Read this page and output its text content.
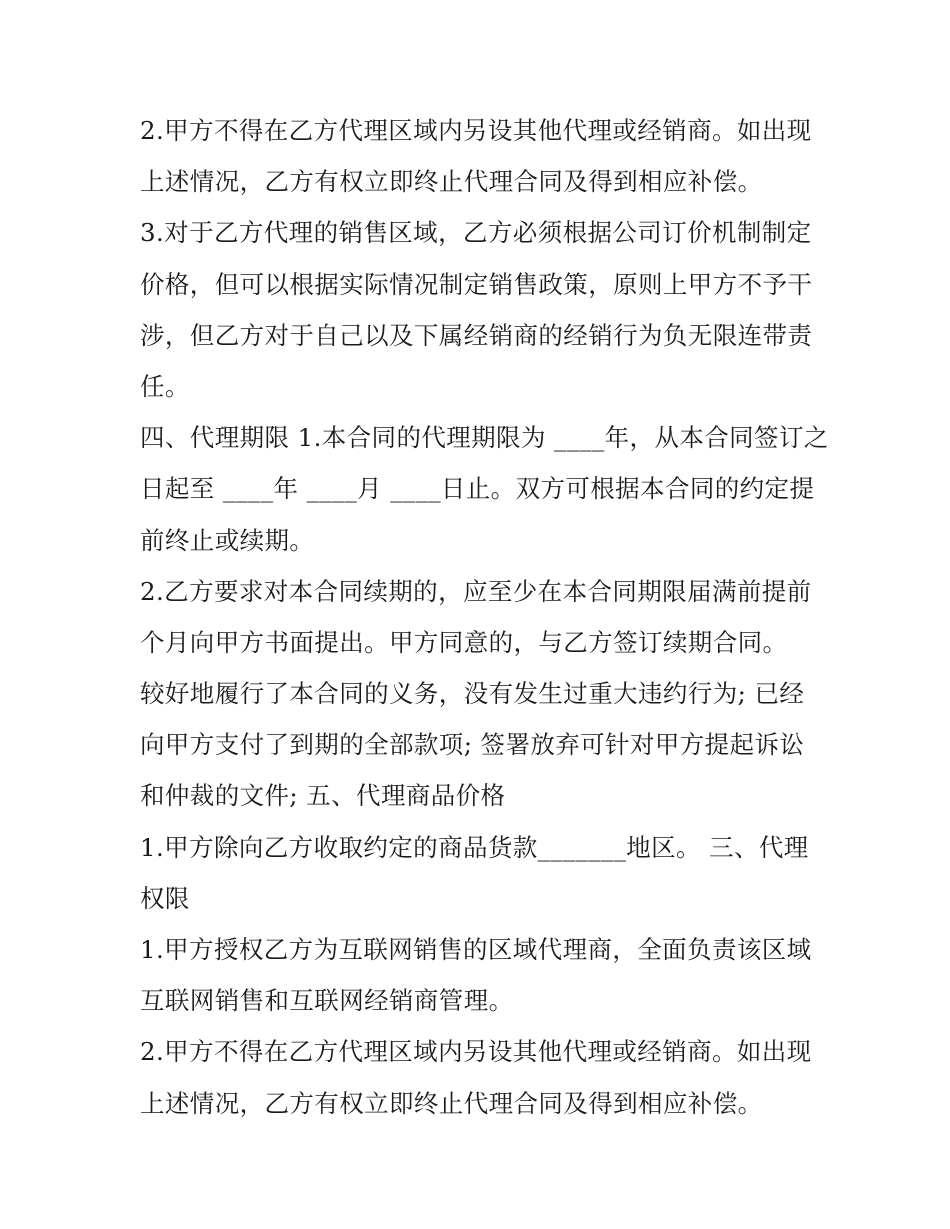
2.甲方不得在乙方代理区域内另设其他代理或经销商。如出现
上述情况，乙方有权立即终止代理合同及得到相应补偿。
3.对于乙方代理的销售区域，乙方必须根据公司订价机制制定
价格，但可以根据实际情况制定销售政策，原则上甲方不予干
涉，但乙方对于自己以及下属经销商的经销行为负无限连带责
任。
四、代理期限 1.本合同的代理期限为 ____年，从本合同签订之
日起至 ____年 ____月 ____日止。双方可根据本合同的约定提
前终止或续期。
2.乙方要求对本合同续期的，应至少在本合同期限届满前提前
个月向甲方书面提出。甲方同意的，与乙方签订续期合同。
较好地履行了本合同的义务，没有发生过重大违约行为; 已经
向甲方支付了到期的全部款项; 签署放弃可针对甲方提起诉讼
和仲裁的文件; 五、代理商品价格
1.甲方除向乙方收取约定的商品货款_______地区。 三、代理
权限
1.甲方授权乙方为互联网销售的区域代理商，全面负责该区域
互联网销售和互联网经销商管理。
2.甲方不得在乙方代理区域内另设其他代理或经销商。如出现
上述情况，乙方有权立即终止代理合同及得到相应补偿。
